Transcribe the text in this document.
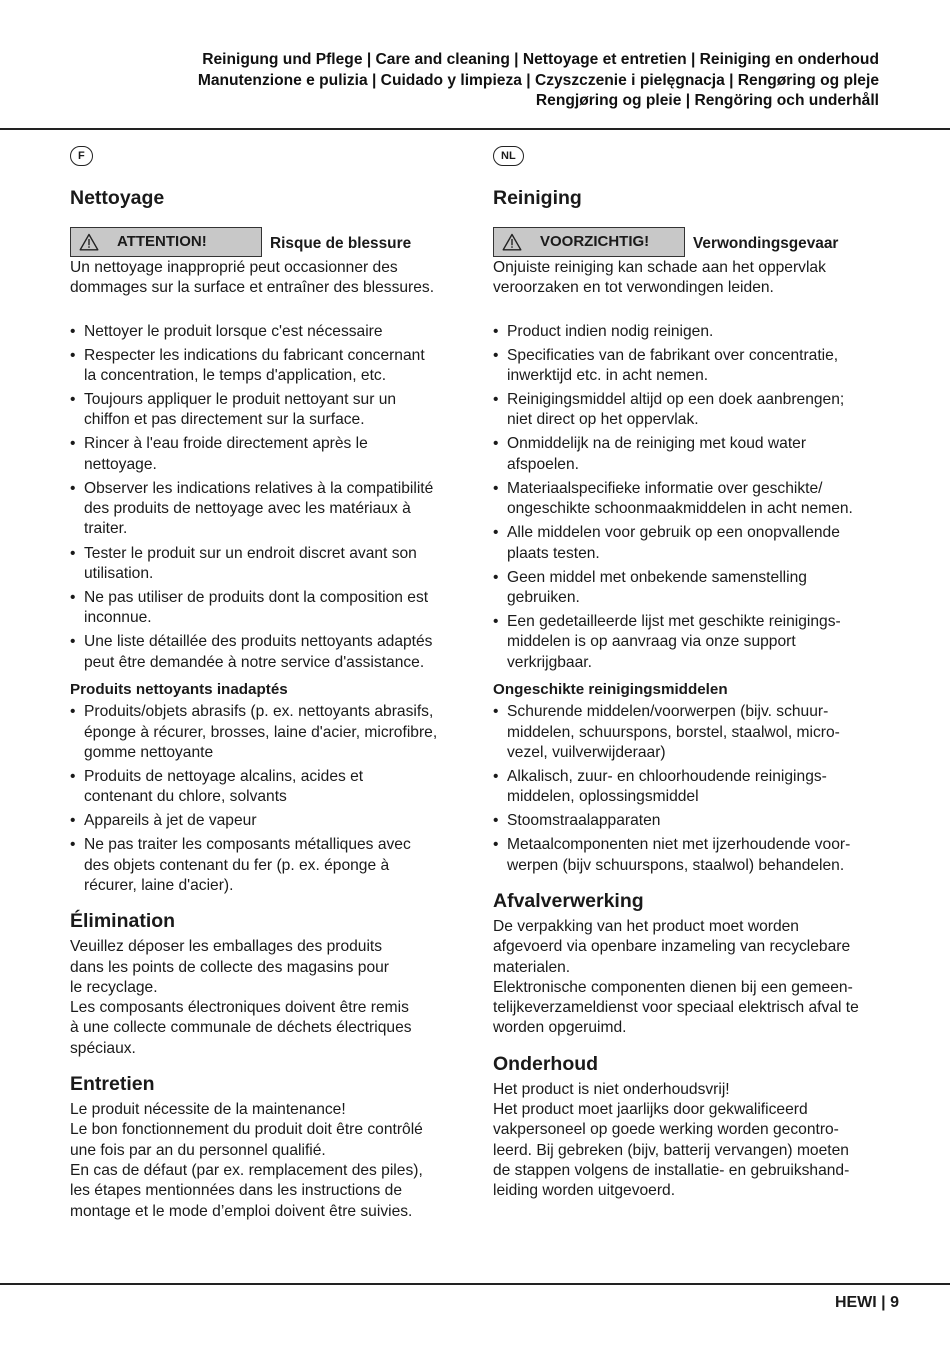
Reinigung und Pflege | Care and cleaning | Nettoyage et entretien | Reiniging en onderhoud
Manutenzione e pulizia | Cuidado y limpieza | Czyszczenie i pielęgnacja | Rengøring og pleje
Rengjøring og pleie | Rengöring och underhåll
F
Nettoyage
ATTENTION!	Risque de blessure
Un nettoyage inapproprié peut occasionner des
dommages sur la surface et entraîner des blessures.
• Nettoyer le produit lorsque c'est nécessaire
• Respecter les indications du fabricant concernant
la concentration, le temps d'application, etc.
• Toujours appliquer le produit nettoyant sur un
chiffon et pas directement sur la surface.
• Rincer à l'eau froide directement après le
nettoyage.
• Observer les indications relatives à la compatibilité
des produits de nettoyage avec les matériaux à
traiter.
• Tester le produit sur un endroit discret avant son
utilisation.
• Ne pas utiliser de produits dont la composition est
inconnue.
• Une liste détaillée des produits nettoyants adaptés
peut être demandée à notre service d'assistance.
Produits nettoyants inadaptés
• Produits/objets abrasifs (p. ex. nettoyants abrasifs,
éponge à récurer, brosses, laine d'acier, microfibre,
gomme nettoyante
• Produits de nettoyage alcalins, acides et
contenant du chlore, solvants
• Appareils à jet de vapeur
• Ne pas traiter les composants métalliques avec
des objets contenant du fer (p. ex. éponge à
récurer, laine d'acier).
Élimination
Veuillez déposer les emballages des produits
dans les points de collecte des magasins pour
le recyclage.
Les composants électroniques doivent être remis
à une collecte communale de déchets électriques
spéciaux.
Entretien
Le produit nécessite de la maintenance!
Le bon fonctionnement du produit doit être contrôlé
une fois par an du personnel qualifié.
En cas de défaut (par ex. remplacement des piles),
les étapes mentionnées dans les instructions de
montage et le mode d’emploi doivent être suivies.
NL
Reiniging
VOORZICHTIG!	Verwondingsgevaar
Onjuiste reiniging kan schade aan het oppervlak
veroorzaken en tot verwondingen leiden.
• Product indien nodig reinigen.
• Specificaties van de fabrikant over concentratie,
inwerktijd etc. in acht nemen.
• Reinigingsmiddel altijd op een doek aanbrengen;
niet direct op het oppervlak.
• Onmiddelijk na de reiniging met koud water
afspoelen.
• Materiaalspecifieke informatie over geschikte/
ongeschikte schoonmaakmiddelen in acht nemen.
• Alle middelen voor gebruik op een onopvallende
plaats testen.
• Geen middel met onbekende samenstelling
gebruiken.
• Een gedetailleerde lijst met geschikte reinigings-
middelen is op aanvraag via onze support
verkrijgbaar.
Ongeschikte reinigingsmiddelen
• Schurende middelen/voorwerpen (bijv. schuur-
middelen, schuurspons, borstel, staalwol, micro-
vezel, vuilverwijderaar)
• Alkalisch, zuur- en chloorhoudende reinigings-
middelen, oplossingsmiddel
• Stoomstraalapparaten
• Metaalcomponenten niet met ijzerhoudende voor-
werpen (bijv schuurspons, staalwol) behandelen.
Afvalverwerking
De verpakking van het product moet worden
afgevoerd via openbare inzameling van recyclebare
materialen.
Elektronische componenten dienen bij een gemeen-
telijkeverzameldienst voor speciaal elektrisch afval te
worden opgeruimd.
Onderhoud
Het product is niet onderhoudsvrij!
Het product moet jaarlijks door gekwalificeerd
vakpersoneel op goede werking worden gecontro-
leerd. Bij gebreken (bijv, batterij vervangen) moeten
de stappen volgens de installatie- en gebruikshand-
leiding worden uitgevoerd.
HEWI | 9
